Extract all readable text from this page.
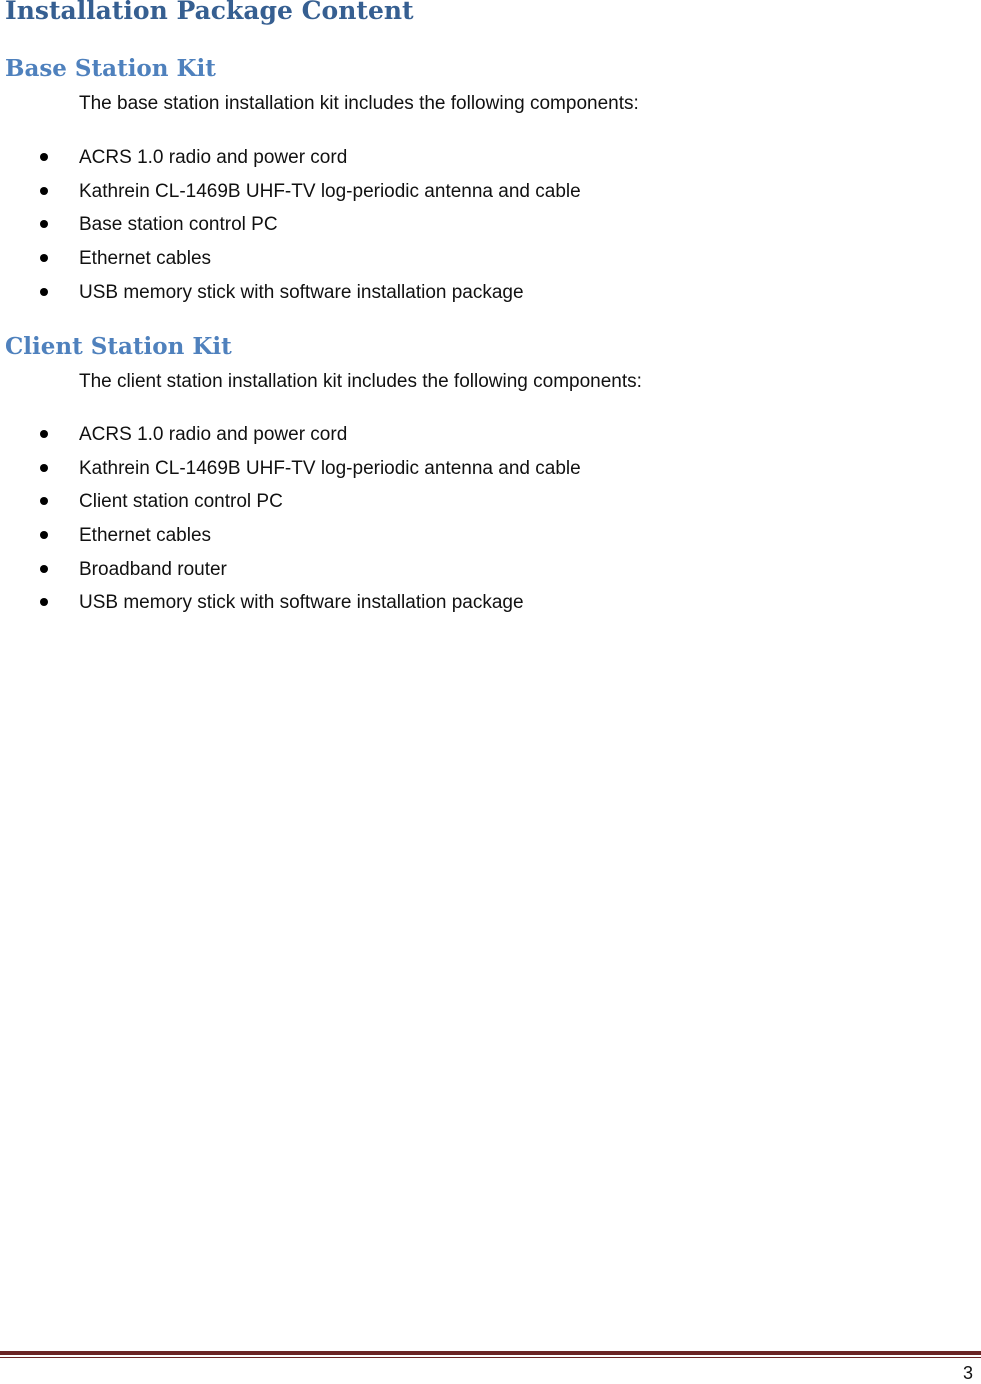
Installation Package Content
Base Station Kit

The base station installation kit includes the following components:

ACRS 1.0 radio and power cord
Kathrein CL-1469B UHF-TV log-periodic antenna and cable
Base station control PC
Ethernet cables
USB memory stick with software installation package
Client Station Kit

The client station installation kit includes the following components:

ACRS 1.0 radio and power cord
Kathrein CL-1469B UHF-TV log-periodic antenna and cable
Client station control PC
Ethernet cables
Broadband router
USB memory stick with software installation package
3
